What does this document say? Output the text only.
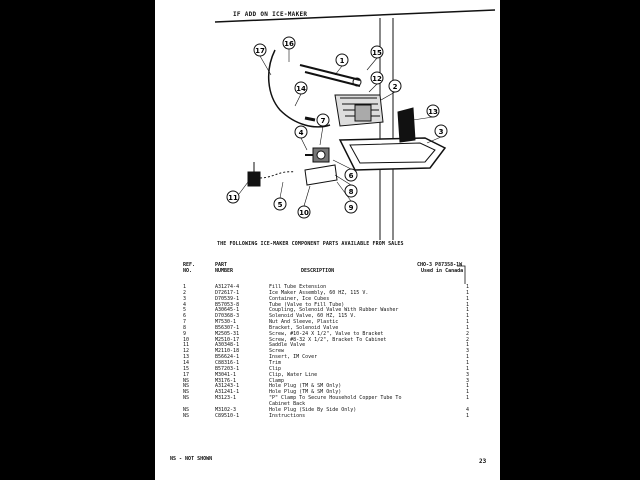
IF ADD ON ICE-MAKER
17
16
1
15
12
2
14
13
3
7
4
6
8
9
11
5
10
THE FOLLOWING ICE-MAKER COMPONENT PARTS AVAILABLE FROM SALES
REF.
NO.
PART
NUMBER	DESCRIPTION
CHO-3 P87358-1W
Used in Canada
1	A31274-4	Fill Tube Extension	1
2	D72617-1	Ice Maker Assembly, 60 HZ, 115 V.	1
3	D70539-1	Container, Ice Cubes	1
4	B57053-8	Tube (Valve to Fill Tube)	1
5	A30645-1	Coupling, Solenoid Valve With Rubber Washer	1
6	D70368-3	Solenoid Valve, 60 HZ, 115 V.	1
7	M7530-1	Nut And Sleeve, Plastic	1
8	B56307-1	Bracket, Solenoid Valve	1
9	M2505-31	Screw, #10-24 X 1/2", Valve to Bracket	2
10	M2510-17	Screw, #8-32 X 1/2", Bracket To Cabinet	2
11	A30348-1	Saddle Valve	1
12	M2110-18	Screw	3
13	B56624-1	Insert, IM Cover	1
14	C88316-1	Trim	1
15	B57203-1	Clip	1
17	M3041-1	Clip, Water Line	3
NS	M3176-1	Clamp	3
NS	A31243-1	Hole Plug (TM & SM Only)	1
NS	A31241-1	Hole Plug (TM & SM Only)	1
NS	M3123-1	"P" Clamp To Secure Household Copper Tube To	1
Cabinet Back
NS	M3102-3	Hole Plug (Side By Side Only)	4
NS	C89510-1	Instructions	1
NS - NOT SHOWN	23
